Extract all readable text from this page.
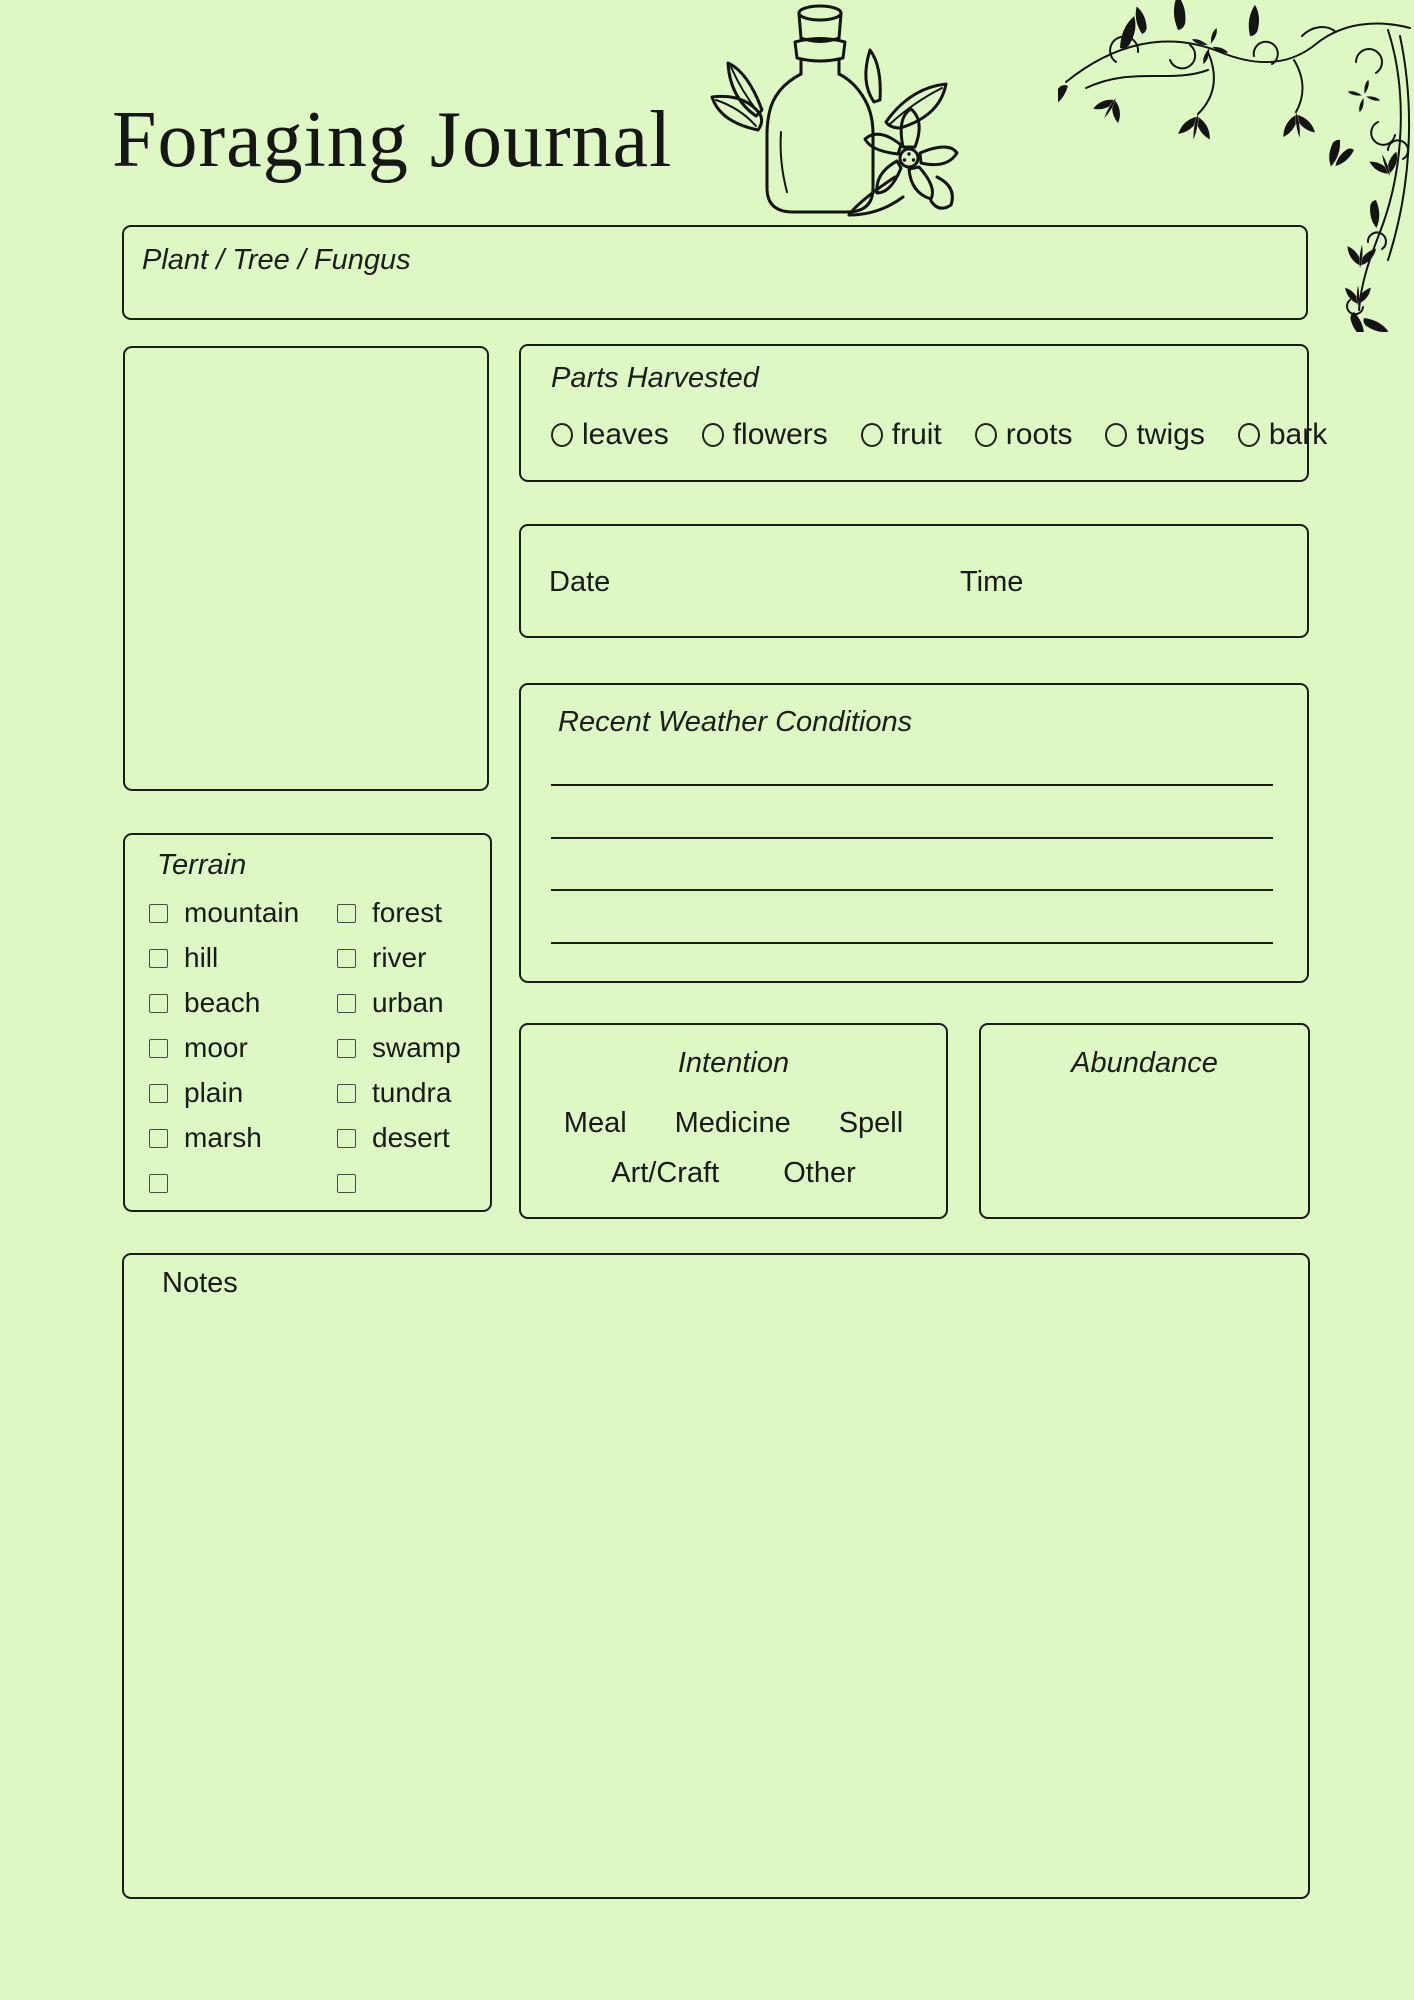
Foraging Journal
Plant / Tree / Fungus
Parts Harvested
leaves flowers fruit roots twigs bark
Date	Time
Recent Weather Conditions
Terrain
mountain
hill
beach
moor
plain
marsh
forest
river
urban
swamp
tundra
desert
Intention
Meal Medicine Spell
Art/Craft Other
Abundance
Notes
